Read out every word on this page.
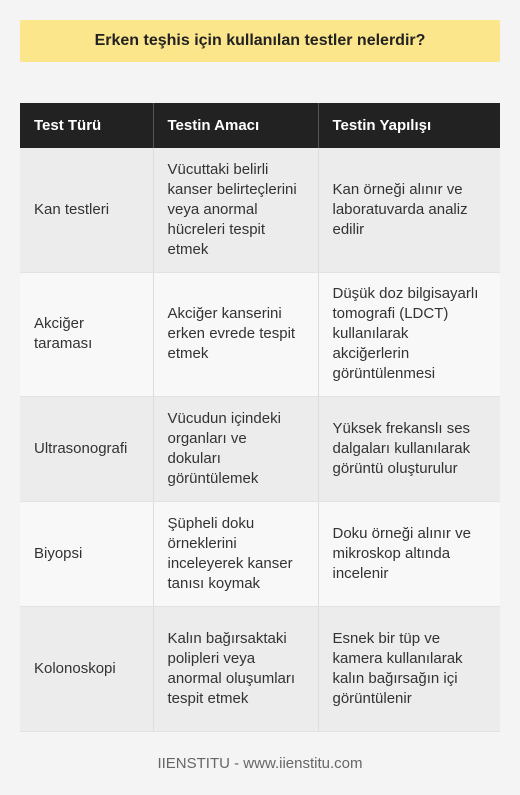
Erken teşhis için kullanılan testler nelerdir?
Test Türü	Testin Amacı	Testin Yapılışı
Kan testleri	Vücuttaki belirli kanser belirteçlerini veya anormal hücreleri tespit etmek	Kan örneği alınır ve laboratuvarda analiz edilir
Akciğer taraması	Akciğer kanserini erken evrede tespit etmek	Düşük doz bilgisayarlı tomografi (LDCT) kullanılarak akciğerlerin görüntülenmesi
Ultrasonografi	Vücudun içindeki organları ve dokuları görüntülemek	Yüksek frekanslı ses dalgaları kullanılarak görüntü oluşturulur
Biyopsi	Şüpheli doku örneklerini inceleyerek kanser tanısı koymak	Doku örneği alınır ve mikroskop altında incelenir
Kolonoskopi	Kalın bağırsaktaki polipleri veya anormal oluşumları tespit etmek	Esnek bir tüp ve kamera kullanılarak kalın bağırsağın içi görüntülenir
IIENSTITU - www.iienstitu.com
